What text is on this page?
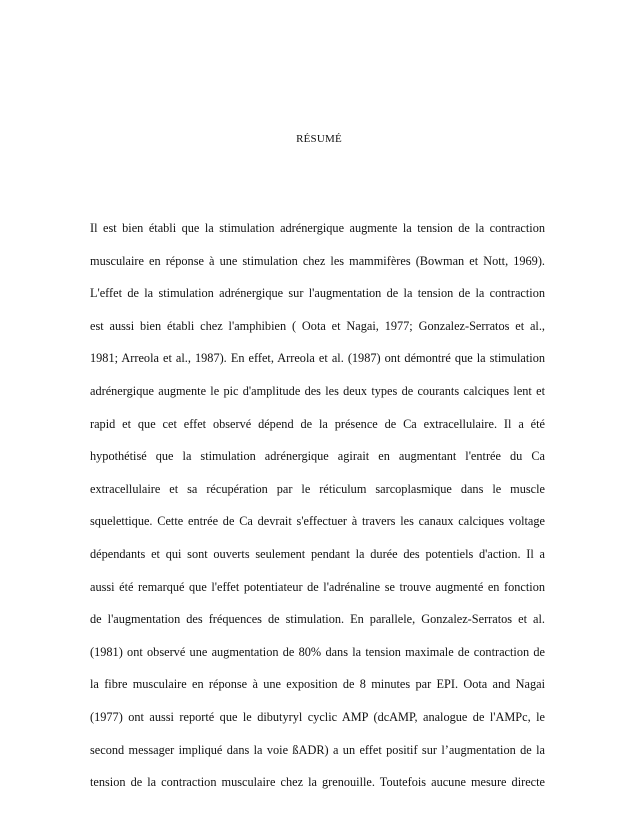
RÉSUMÉ
Il est bien établi que la stimulation adrénergique augmente la tension de la contraction
musculaire en réponse à une stimulation chez les mammifères (Bowman et Nott, 1969).
L'effet de la stimulation adrénergique sur l'augmentation de la tension de la contraction
est aussi bien établi chez l'amphibien ( Oota et Nagai, 1977; Gonzalez-Serratos et al.,
1981; Arreola et al., 1987). En effet, Arreola et al. (1987) ont démontré que la stimulation
adrénergique augmente le pic d'amplitude des les deux types de courants calciques lent et
rapid et que cet effet observé dépend de la présence de Ca extracellulaire. Il a été
hypothétisé que la stimulation adrénergique agirait en augmentant l'entrée du Ca
extracellulaire et sa récupération par le réticulum sarcoplasmique dans le muscle
squelettique. Cette entrée de Ca devrait s'effectuer à travers les canaux calciques voltage
dépendants et qui sont ouverts seulement pendant la durée des potentiels d'action. Il a
aussi été remarqué que l'effet potentiateur de l'adrénaline se trouve augmenté en fonction
de l'augmentation des fréquences de stimulation. En parallele, Gonzalez-Serratos et al.
(1981) ont observé une augmentation de 80% dans la tension maximale de contraction de
la fibre musculaire en réponse à une exposition de 8 minutes par EPI. Oota and Nagai
(1977) ont aussi reporté que le dibutyryl cyclic AMP (dcAMP, analogue de l'AMPc, le
second messager impliqué dans la voie ßADR) a un effet positif sur l’augmentation de la
tension de la contraction musculaire chez la grenouille. Toutefois aucune mesure directe
